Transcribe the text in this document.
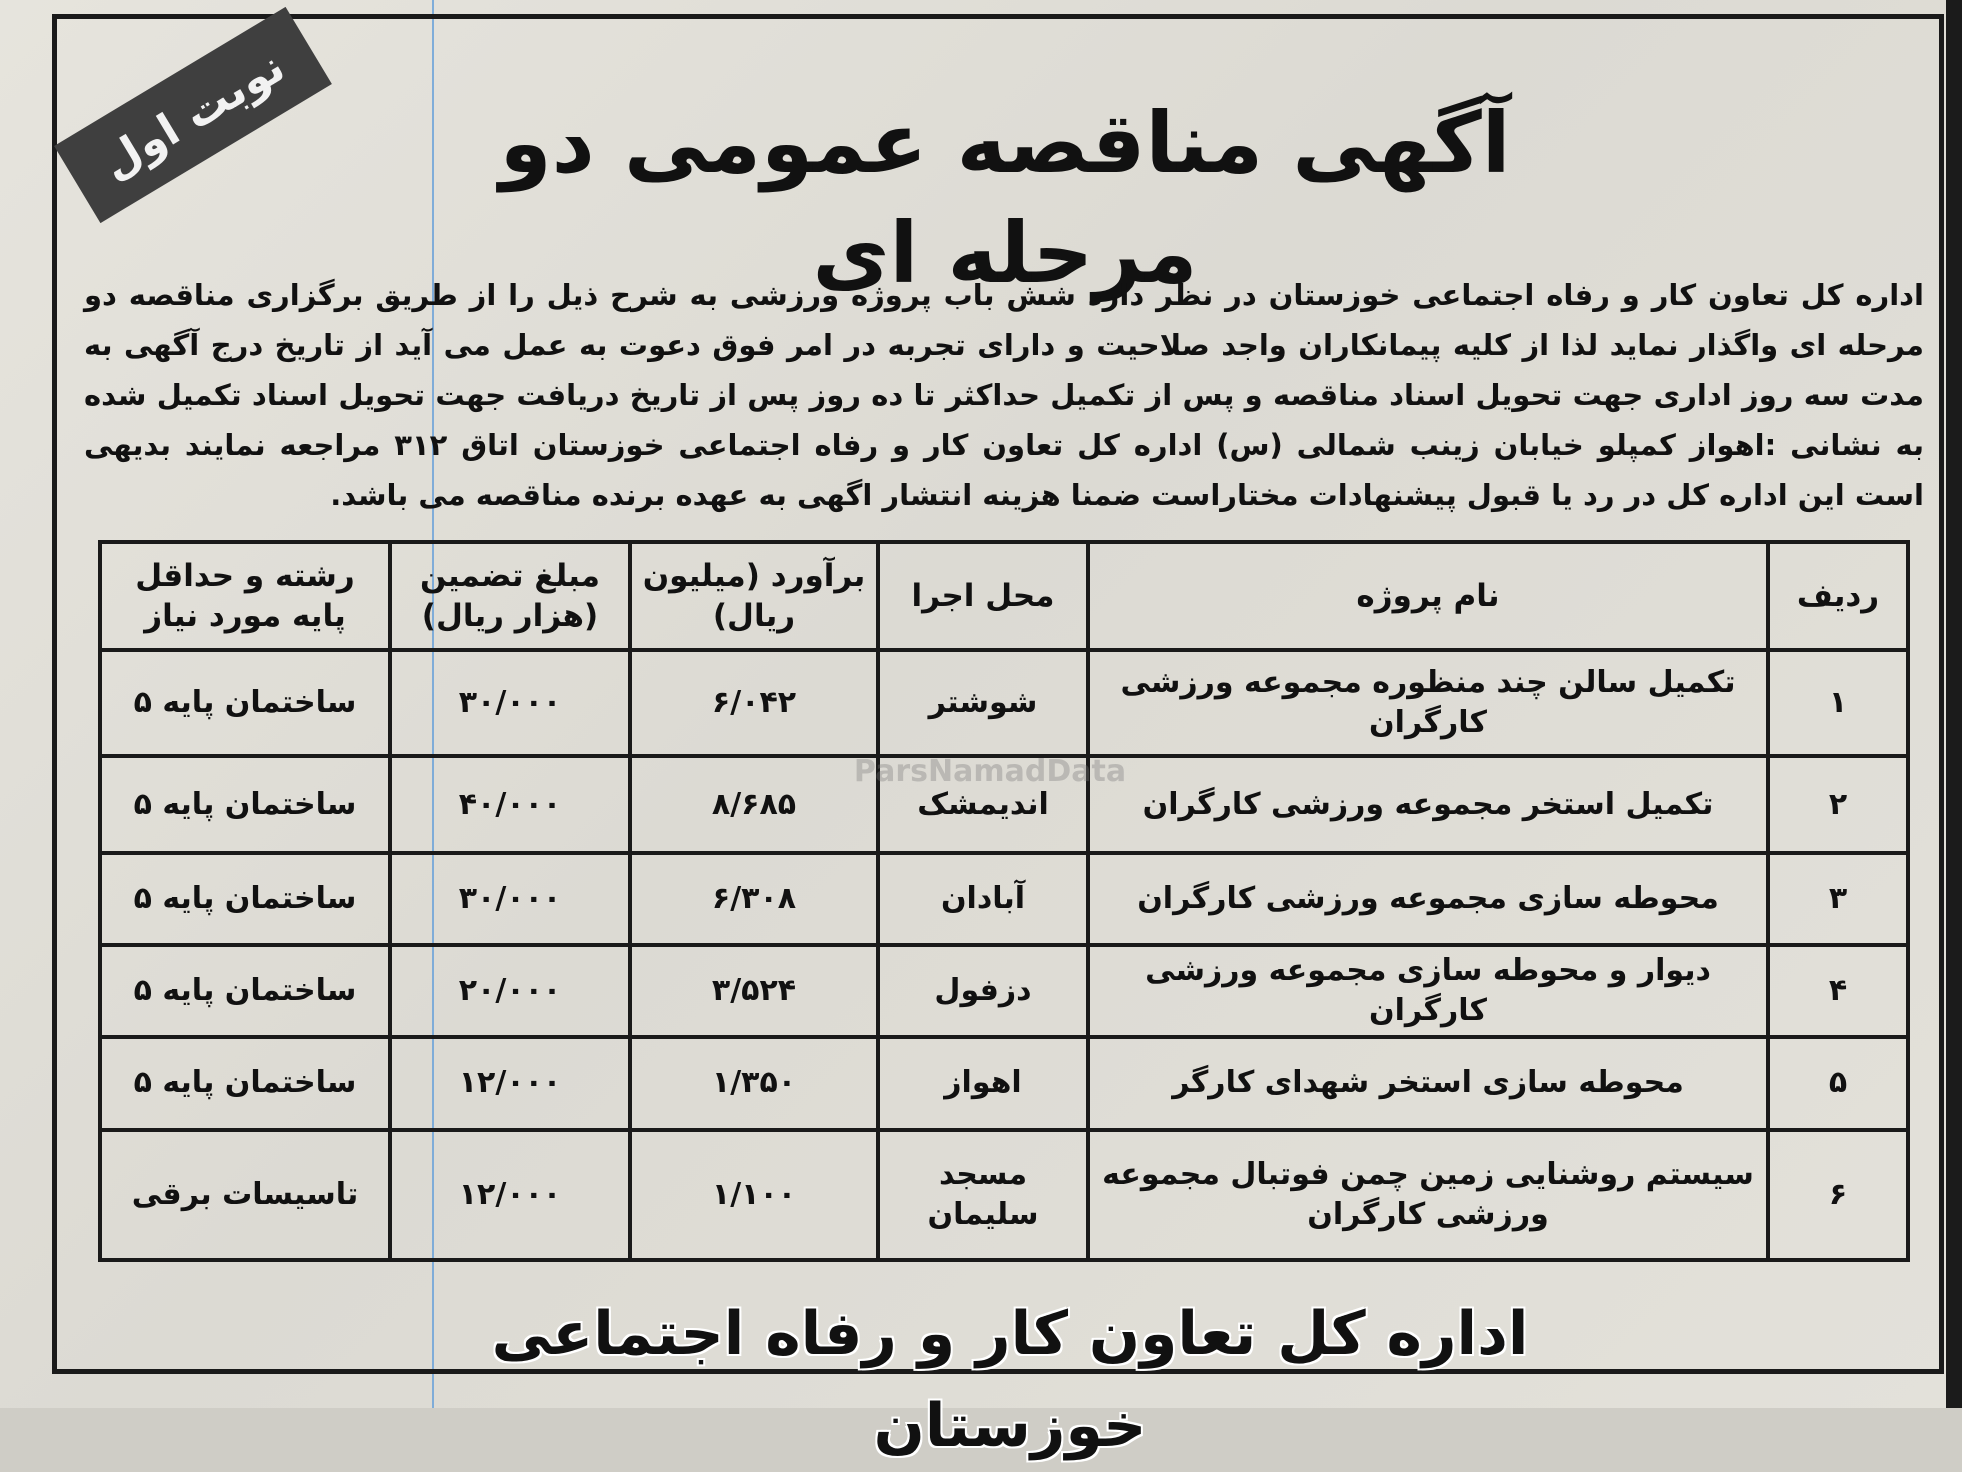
نوبت اول	آگهی مناقصه عمومی دو مرحله ای
اداره کل تعاون کار و رفاه اجتماعی خوزستان در نظر دارد شش باب پروژه ورزشی به شرح ذیل را از طریق برگزاری مناقصه دو مرحله ای واگذار نماید لذا از کلیه پیمانکاران واجد صلاحیت و دارای تجربه در امر فوق دعوت به عمل می آید از تاریخ درج آگهی به مدت سه روز اداری جهت تحویل اسناد مناقصه و پس از تکمیل حداکثر تا ده روز پس از تاریخ دریافت جهت تحویل اسناد تکمیل شده به نشانی :اهواز کمپلو خیابان زینب شمالی (س) اداره کل تعاون کار و رفاه اجتماعی خوزستان اتاق ۳۱۲ مراجعه نمایند بدیهی است این اداره کل در رد یا قبول پیشنهادات مختاراست ضمنا هزینه انتشار اگهی به عهده برنده مناقصه می باشد.
ردیف	نام پروژه	محل اجرا	برآورد (میلیون ریال)	مبلغ تضمین (هزار ریال)	رشته و حداقل پایه مورد نیاز
۱	تکمیل سالن چند منظوره مجموعه ورزشی کارگران	شوشتر	۶/۰۴۲	۳۰/۰۰۰	ساختمان پایه ۵
۲	تکمیل استخر مجموعه ورزشی کارگران	اندیمشک	۸/۶۸۵	۴۰/۰۰۰	ساختمان پایه ۵
۳	محوطه سازی مجموعه ورزشی کارگران	آبادان	۶/۳۰۸	۳۰/۰۰۰	ساختمان پایه ۵
۴	دیوار و محوطه سازی مجموعه ورزشی کارگران	دزفول	۳/۵۲۴	۲۰/۰۰۰	ساختمان پایه ۵
۵	محوطه سازی استخر شهدای کارگر	اهواز	۱/۳۵۰	۱۲/۰۰۰	ساختمان پایه ۵
۶	سیستم روشنایی زمین چمن فوتبال مجموعه ورزشی کارگران	مسجد سلیمان	۱/۱۰۰	۱۲/۰۰۰	تاسیسات برقی
ParsNamadData
اداره کل تعاون کار و رفاه اجتماعی خوزستان
